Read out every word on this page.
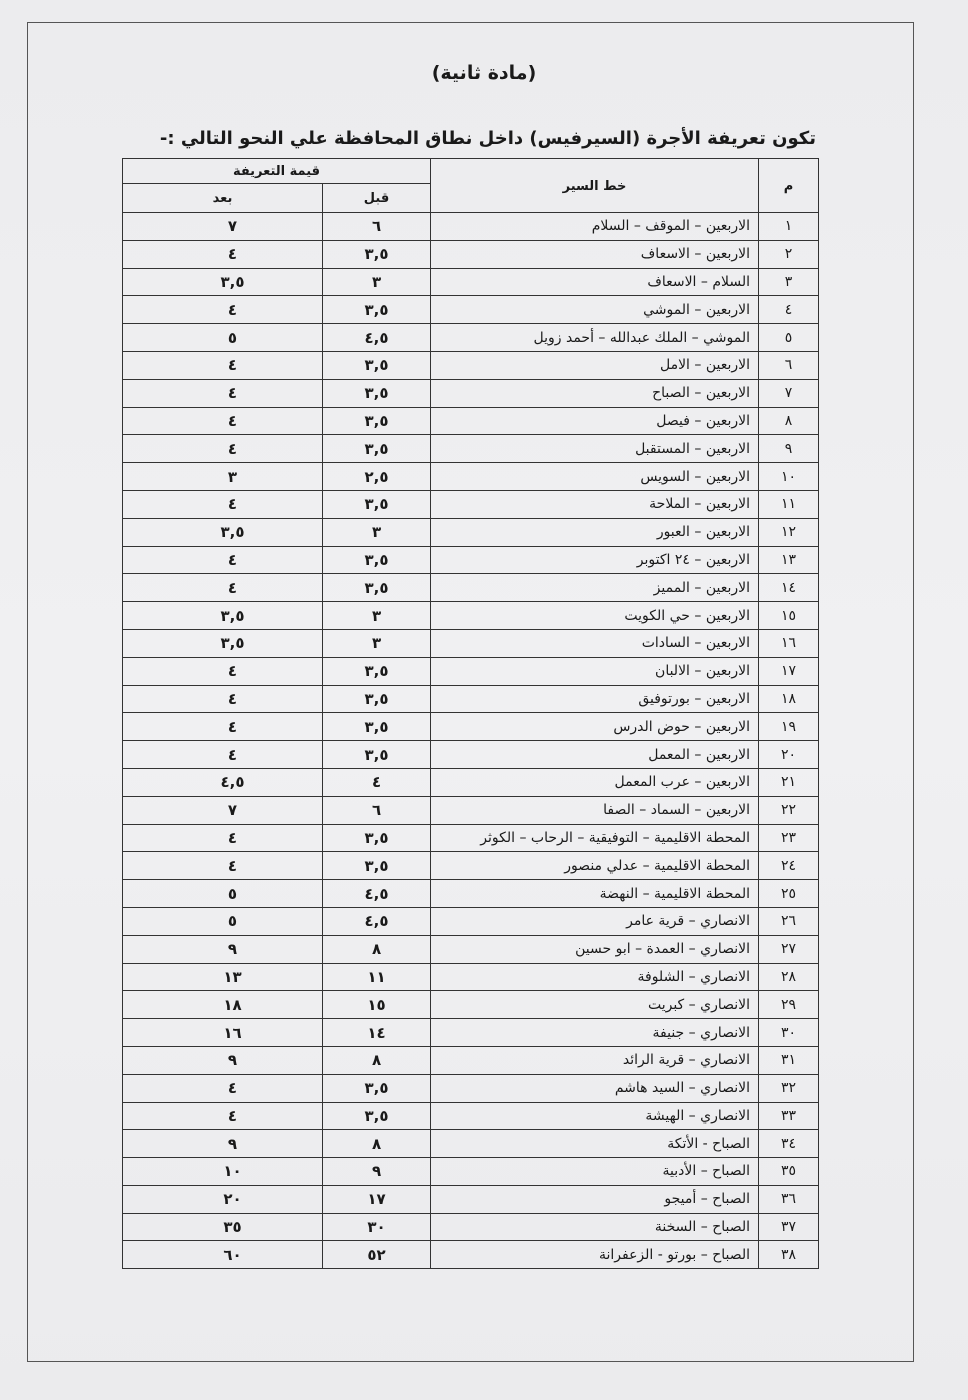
(مادة ثانية)
تكون تعريفة الأجرة (السيرفيس) داخل نطاق المحافظة علي النحو التالي :-
م	خط السير	قيمة التعريفة	
		قبل	بعد
١	الاربعين – الموقف – السلام	٦	٧
٢	الاربعين – الاسعاف	٣,٥	٤
٣	السلام – الاسعاف	٣	٣,٥
٤	الاربعين – الموشي	٣,٥	٤
٥	الموشي – الملك عبدالله – أحمد زويل	٤,٥	٥
٦	الاربعين – الامل	٣,٥	٤
٧	الاربعين – الصباح	٣,٥	٤
٨	الاربعين – فيصل	٣,٥	٤
٩	الاربعين – المستقبل	٣,٥	٤
١٠	الاربعين – السويس	٢,٥	٣
١١	الاربعين – الملاحة	٣,٥	٤
١٢	الاربعين – العبور	٣	٣,٥
١٣	الاربعين – ٢٤ اكتوبر	٣,٥	٤
١٤	الاربعين – المميز	٣,٥	٤
١٥	الاربعين – حي الكويت	٣	٣,٥
١٦	الاربعين – السادات	٣	٣,٥
١٧	الاربعين – الالبان	٣,٥	٤
١٨	الاربعين – بورتوفيق	٣,٥	٤
١٩	الاربعين – حوض الدرس	٣,٥	٤
٢٠	الاربعين – المعمل	٣,٥	٤
٢١	الاربعين – عرب المعمل	٤	٤,٥
٢٢	الاربعين – السماد – الصفا	٦	٧
٢٣	المحطة الاقليمية – التوفيقية – الرحاب – الكوثر	٣,٥	٤
٢٤	المحطة الاقليمية – عدلي منصور	٣,٥	٤
٢٥	المحطة الاقليمية – النهضة	٤,٥	٥
٢٦	الانصاري – قرية عامر	٤,٥	٥
٢٧	الانصاري – العمدة – ابو حسين	٨	٩
٢٨	الانصاري – الشلوفة	١١	١٣
٢٩	الانصاري – كبريت	١٥	١٨
٣٠	الانصاري – جنيفة	١٤	١٦
٣١	الانصاري – قرية الرائد	٨	٩
٣٢	الانصاري – السيد هاشم	٣,٥	٤
٣٣	الانصاري – الهيشة	٣,٥	٤
٣٤	الصباح - الأتكة	٨	٩
٣٥	الصباح – الأدبية	٩	١٠
٣٦	الصباح – أميجو	١٧	٢٠
٣٧	الصباح – السخنة	٣٠	٣٥
٣٨	الصباح – بورتو - الزعفرانة	٥٢	٦٠
